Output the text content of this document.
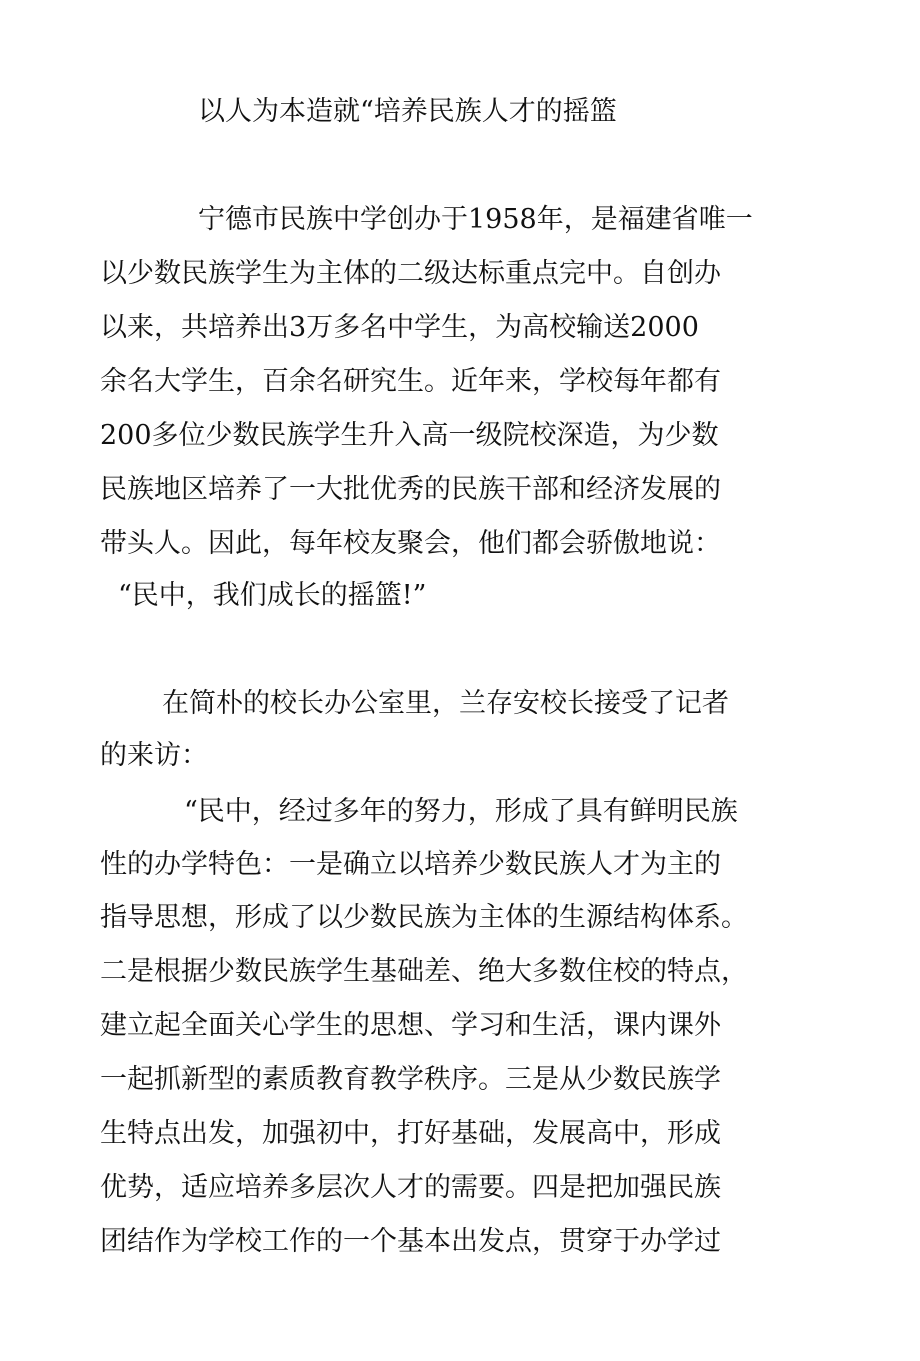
以人为本造就“培养民族人才的摇篮
宁德市民族中学创办于1958年，是福建省唯一
以少数民族学生为主体的二级达标重点完中。自创办
以来，共培养出3万多名中学生，为高校输送2000
余名大学生，百余名研究生。近年来，学校每年都有
200多位少数民族学生升入高一级院校深造，为少数
民族地区培养了一大批优秀的民族干部和经济发展的
带头人。因此，每年校友聚会，他们都会骄傲地说：
“民中，我们成长的摇篮!”
在简朴的校长办公室里，兰存安校长接受了记者
的来访：
“民中，经过多年的努力，形成了具有鲜明民族
性的办学特色：一是确立以培养少数民族人才为主的
指导思想，形成了以少数民族为主体的生源结构体系。
二是根据少数民族学生基础差、绝大多数住校的特点，
建立起全面关心学生的思想、学习和生活，课内课外
一起抓新型的素质教育教学秩序。三是从少数民族学
生特点出发，加强初中，打好基础，发展高中，形成
优势，适应培养多层次人才的需要。四是把加强民族
团结作为学校工作的一个基本出发点，贯穿于办学过
